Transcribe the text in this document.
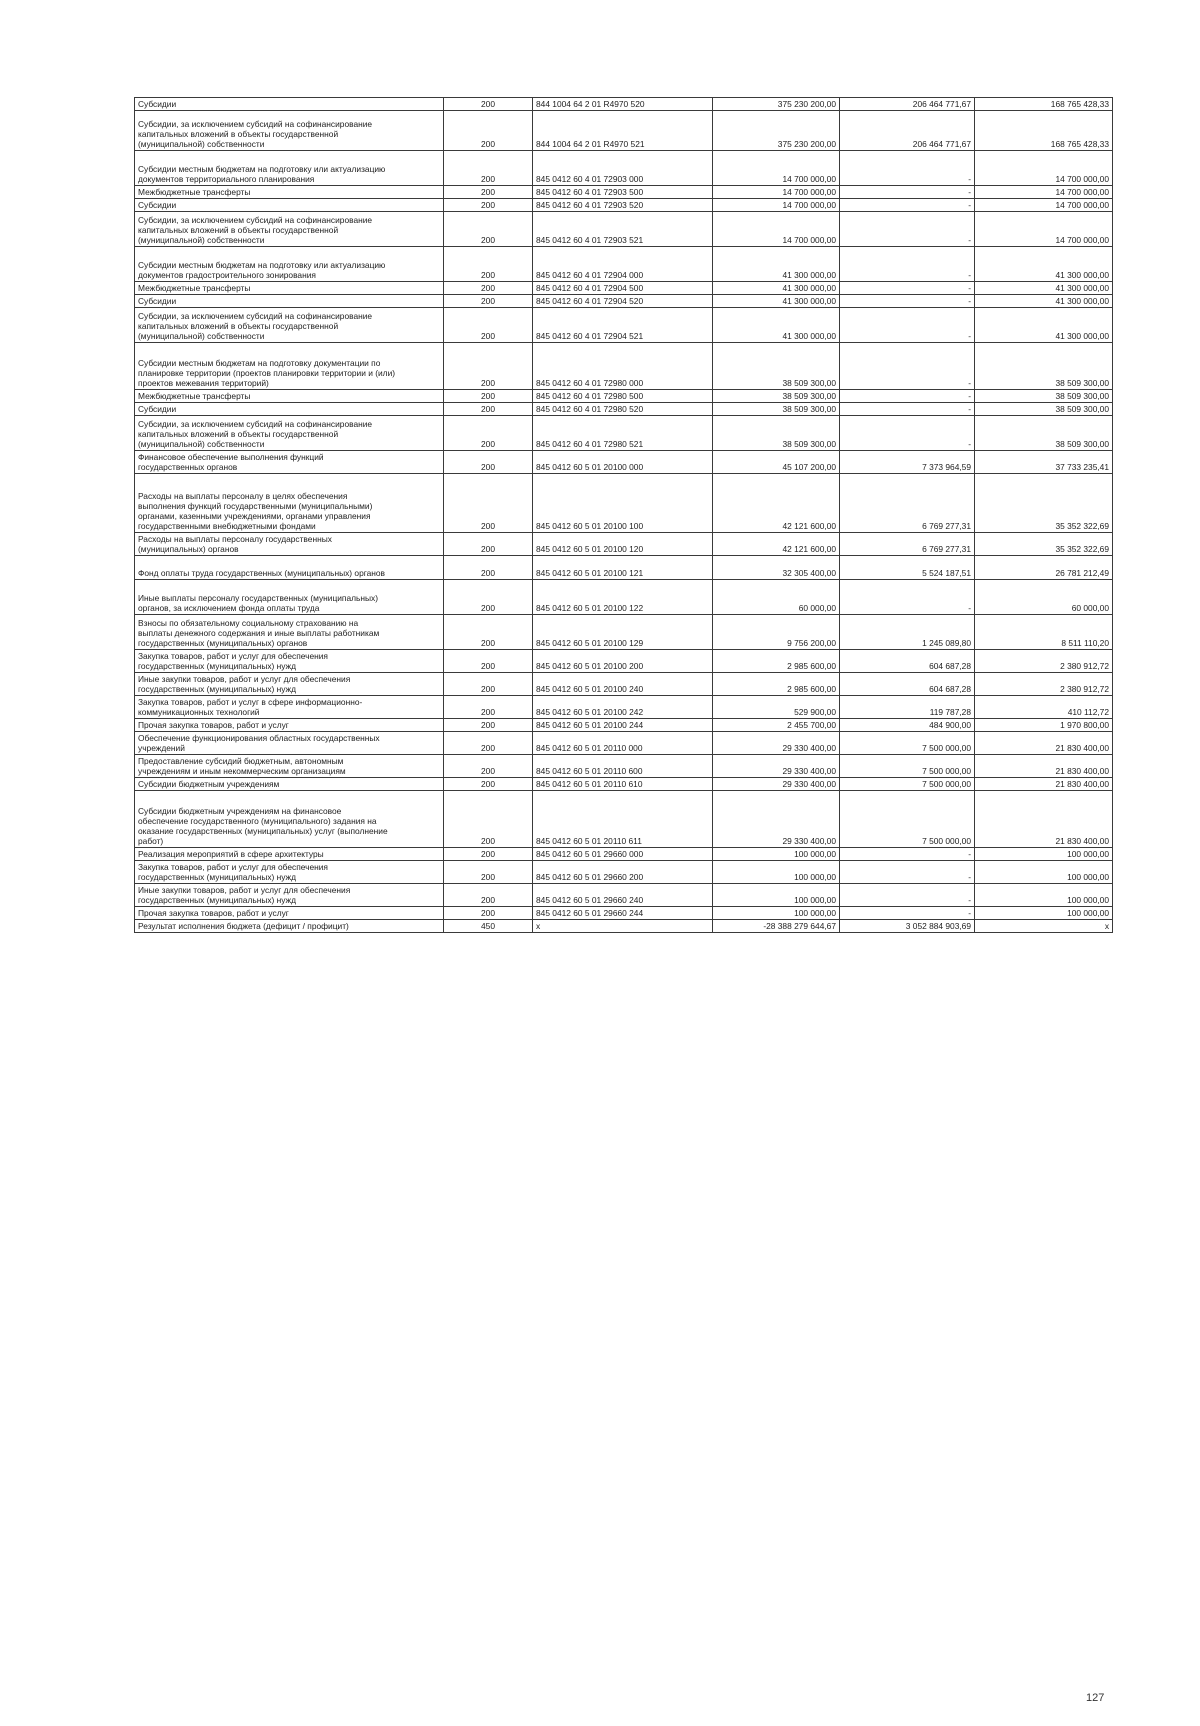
Субсидии	200	844 1004 64 2 01 R4970 520	375 230 200,00	206 464 771,67	168 765 428,33
Субсидии, за исключением субсидий на софинансирование
капитальных вложений в объекты государственной
(муниципальной) собственности	200	844 1004 64 2 01 R4970 521	375 230 200,00	206 464 771,67	168 765 428,33
Субсидии местным бюджетам на подготовку или актуализацию
документов территориального планирования	200	845 0412 60 4 01 72903 000	14 700 000,00	-	14 700 000,00
Межбюджетные трансферты	200	845 0412 60 4 01 72903 500	14 700 000,00	-	14 700 000,00
Субсидии	200	845 0412 60 4 01 72903 520	14 700 000,00	-	14 700 000,00
Субсидии, за исключением субсидий на софинансирование
капитальных вложений в объекты государственной
(муниципальной) собственности	200	845 0412 60 4 01 72903 521	14 700 000,00	-	14 700 000,00
Субсидии местным бюджетам на подготовку или актуализацию
документов градостроительного зонирования	200	845 0412 60 4 01 72904 000	41 300 000,00	-	41 300 000,00
Межбюджетные трансферты	200	845 0412 60 4 01 72904 500	41 300 000,00	-	41 300 000,00
Субсидии	200	845 0412 60 4 01 72904 520	41 300 000,00	-	41 300 000,00
Субсидии, за исключением субсидий на софинансирование
капитальных вложений в объекты государственной
(муниципальной) собственности	200	845 0412 60 4 01 72904 521	41 300 000,00	-	41 300 000,00
Субсидии местным бюджетам на подготовку документации по
планировке территории (проектов планировки территории и (или)
проектов межевания территорий)	200	845 0412 60 4 01 72980 000	38 509 300,00	-	38 509 300,00
Межбюджетные трансферты	200	845 0412 60 4 01 72980 500	38 509 300,00	-	38 509 300,00
Субсидии	200	845 0412 60 4 01 72980 520	38 509 300,00	-	38 509 300,00
Субсидии, за исключением субсидий на софинансирование
капитальных вложений в объекты государственной
(муниципальной) собственности	200	845 0412 60 4 01 72980 521	38 509 300,00	-	38 509 300,00
Финансовое обеспечение выполнения функций
государственных органов	200	845 0412 60 5 01 20100 000	45 107 200,00	7 373 964,59	37 733 235,41
Расходы на выплаты персоналу в целях обеспечения
выполнения функций государственными (муниципальными)
органами, казенными учреждениями, органами управления
государственными внебюджетными фондами	200	845 0412 60 5 01 20100 100	42 121 600,00	6 769 277,31	35 352 322,69
Расходы на выплаты персоналу государственных
(муниципальных) органов	200	845 0412 60 5 01 20100 120	42 121 600,00	6 769 277,31	35 352 322,69
Фонд оплаты труда государственных (муниципальных) органов	200	845 0412 60 5 01 20100 121	32 305 400,00	5 524 187,51	26 781 212,49
Иные выплаты персоналу государственных (муниципальных)
органов, за исключением фонда оплаты труда	200	845 0412 60 5 01 20100 122	60 000,00	-	60 000,00
Взносы по обязательному социальному страхованию на
выплаты денежного содержания и иные выплаты работникам
государственных (муниципальных) органов	200	845 0412 60 5 01 20100 129	9 756 200,00	1 245 089,80	8 511 110,20
Закупка товаров, работ и услуг для обеспечения
государственных (муниципальных) нужд	200	845 0412 60 5 01 20100 200	2 985 600,00	604 687,28	2 380 912,72
Иные закупки товаров, работ и услуг для обеспечения
государственных (муниципальных) нужд	200	845 0412 60 5 01 20100 240	2 985 600,00	604 687,28	2 380 912,72
Закупка товаров, работ и услуг в сфере информационно-
коммуникационных технологий	200	845 0412 60 5 01 20100 242	529 900,00	119 787,28	410 112,72
Прочая закупка товаров, работ и услуг	200	845 0412 60 5 01 20100 244	2 455 700,00	484 900,00	1 970 800,00
Обеспечение функционирования областных государственных
учреждений	200	845 0412 60 5 01 20110 000	29 330 400,00	7 500 000,00	21 830 400,00
Предоставление субсидий бюджетным, автономным
учреждениям и иным некоммерческим организациям	200	845 0412 60 5 01 20110 600	29 330 400,00	7 500 000,00	21 830 400,00
Субсидии бюджетным учреждениям	200	845 0412 60 5 01 20110 610	29 330 400,00	7 500 000,00	21 830 400,00
Субсидии бюджетным учреждениям на финансовое
обеспечение государственного (муниципального) задания на
оказание государственных (муниципальных) услуг (выполнение
работ)	200	845 0412 60 5 01 20110 611	29 330 400,00	7 500 000,00	21 830 400,00
Реализация мероприятий в сфере архитектуры	200	845 0412 60 5 01 29660 000	100 000,00	-	100 000,00
Закупка товаров, работ и услуг для обеспечения
государственных (муниципальных) нужд	200	845 0412 60 5 01 29660 200	100 000,00	-	100 000,00
Иные закупки товаров, работ и услуг для обеспечения
государственных (муниципальных) нужд	200	845 0412 60 5 01 29660 240	100 000,00	-	100 000,00
Прочая закупка товаров, работ и услуг	200	845 0412 60 5 01 29660 244	100 000,00	-	100 000,00
Результат исполнения бюджета (дефицит / профицит)	450	x	-28 388 279 644,67	3 052 884 903,69	x
127
